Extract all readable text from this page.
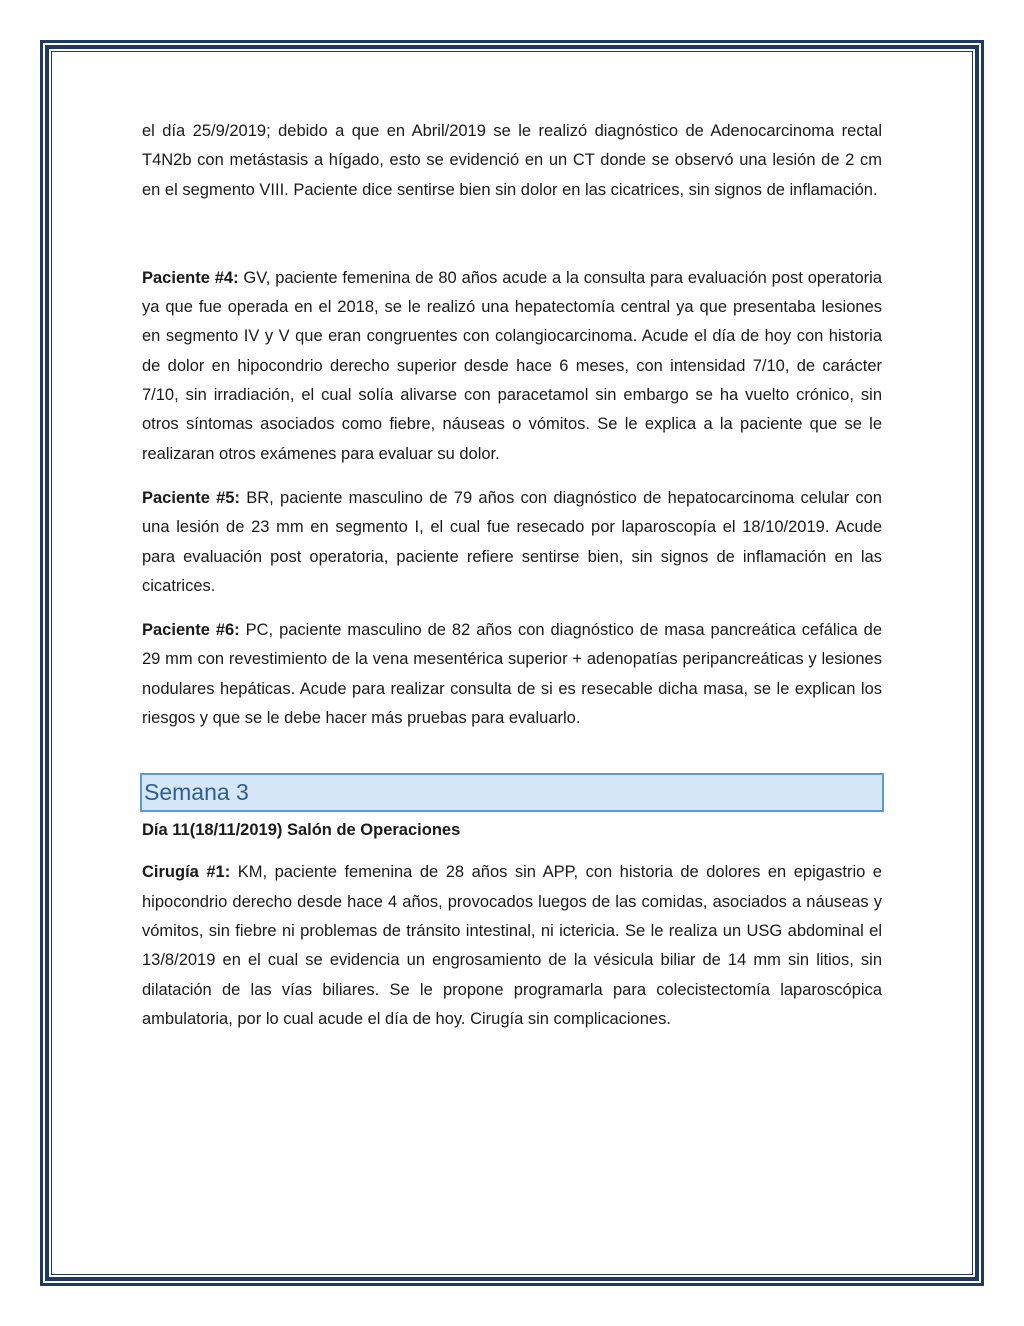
el día 25/9/2019; debido a que en Abril/2019 se le realizó diagnóstico de Adenocarcinoma rectal T4N2b con metástasis a hígado, esto se evidenció en un CT donde se observó una lesión de 2 cm en el segmento VIII. Paciente dice sentirse bien sin dolor en las cicatrices, sin signos de inflamación.

Paciente #4: GV, paciente femenina de 80 años acude a la consulta para evaluación post operatoria ya que fue operada en el 2018, se le realizó una hepatectomía central ya que presentaba lesiones en segmento IV y V que eran congruentes con colangiocarcinoma. Acude el día de hoy con historia de dolor en hipocondrio derecho superior desde hace 6 meses, con intensidad 7/10, de carácter 7/10, sin irradiación, el cual solía alivarse con paracetamol sin embargo se ha vuelto crónico, sin otros síntomas asociados como fiebre, náuseas o vómitos. Se le explica a la paciente que se le realizaran otros exámenes para evaluar su dolor.

Paciente #5: BR, paciente masculino de 79 años con diagnóstico de hepatocarcinoma celular con una lesión de 23 mm en segmento I, el cual fue resecado por laparoscopía el 18/10/2019. Acude para evaluación post operatoria, paciente refiere sentirse bien, sin signos de inflamación en las cicatrices.

Paciente #6: PC, paciente masculino de 82 años con diagnóstico de masa pancreática cefálica de 29 mm con revestimiento de la vena mesentérica superior + adenopatías peripancreáticas y lesiones nodulares hepáticas. Acude para realizar consulta de si es resecable dicha masa, se le explican los riesgos y que se le debe hacer más pruebas para evaluarlo.

Semana 3
Día 11(18/11/2019) Salón de Operaciones

Cirugía #1: KM, paciente femenina de 28 años sin APP, con historia de dolores en epigastrio e hipocondrio derecho desde hace 4 años, provocados luegos de las comidas, asociados a náuseas y vómitos, sin fiebre ni problemas de tránsito intestinal, ni ictericia. Se le realiza un USG abdominal el 13/8/2019 en el cual se evidencia un engrosamiento de la vésicula biliar de 14 mm sin litios, sin dilatación de las vías biliares. Se le propone programarla para colecistectomía laparoscópica ambulatoria, por lo cual acude el día de hoy. Cirugía sin complicaciones.
